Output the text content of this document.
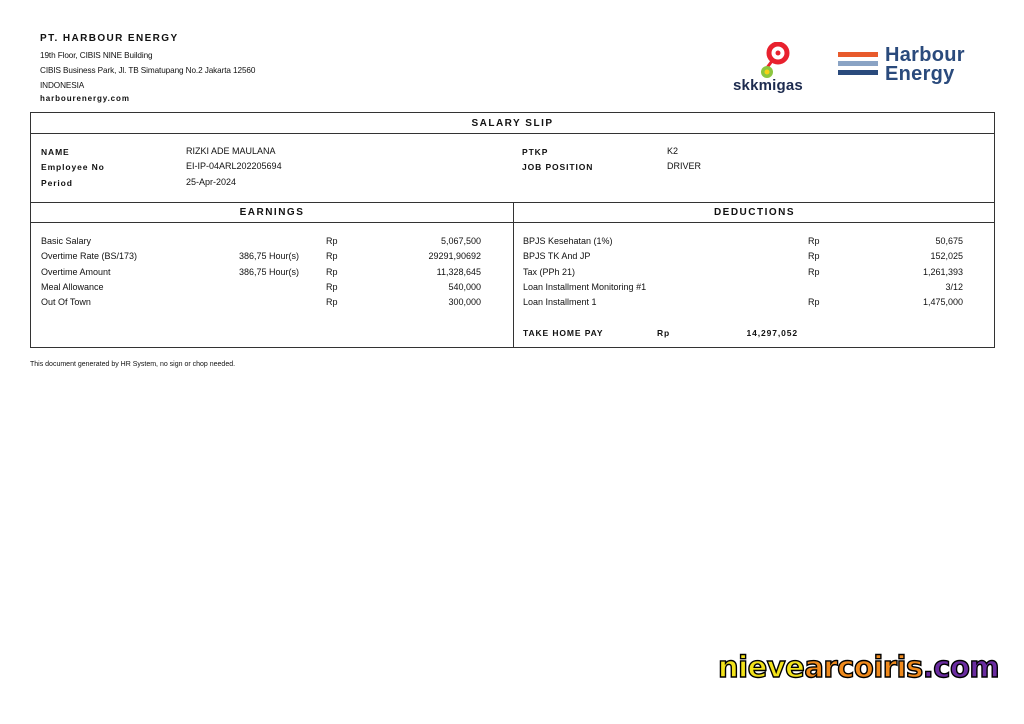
PT. HARBOUR ENERGY
19th Floor, CIBIS NINE Building
CIBIS Business Park, Jl. TB Simatupang No.2 Jakarta 12560
INDONESIA
harbourenergy.com
skkmigas
Harbour
Energy
SALARY SLIP
NAME	RIZKI ADE MAULANA
Employee No	EI-IP-04ARL202205694
Period	25-Apr-2024
PTKP	K2
JOB POSITION	DRIVER
EARNINGS	DEDUCTIONS
Basic Salary	Rp	5,067,500
Overtime Rate (BS/173)	386,75 Hour(s)	Rp	29291,90692
Overtime Amount	386,75 Hour(s)	Rp	11,328,645
Meal Allowance	Rp	540,000
Out Of Town	Rp	300,000
BPJS Kesehatan (1%)	Rp	50,675
BPJS TK And JP	Rp	152,025
Tax (PPh 21)	Rp	1,261,393
Loan Installment Monitoring #1	3/12
Loan Installment 1	Rp	1,475,000
TAKE HOME PAY	Rp	14,297,052
This document generated by HR System, no sign or chop needed.
nievearcoiris.com
